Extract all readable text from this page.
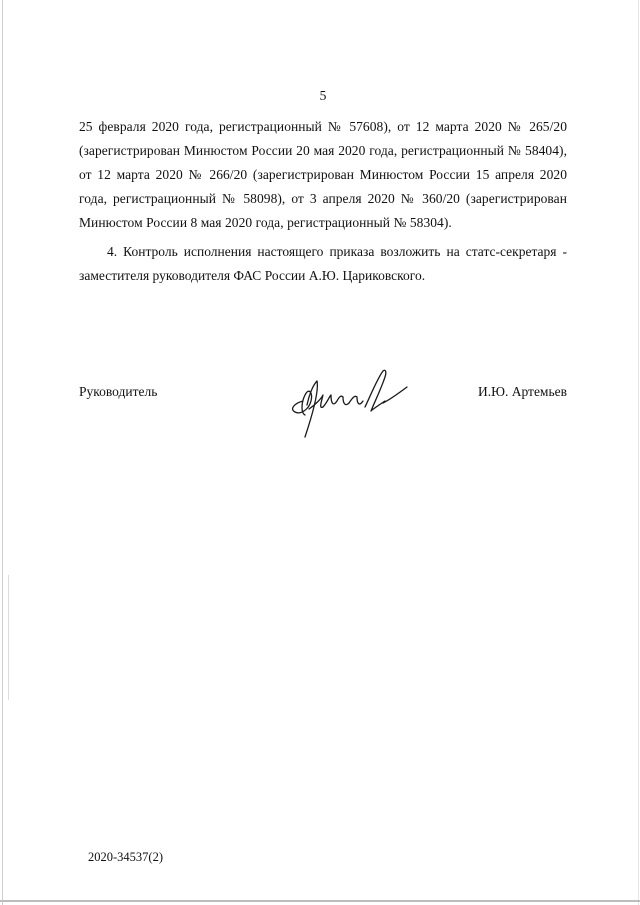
5

25 февраля 2020 года, регистрационный № 57608), от 12 марта 2020 № 265/20 (зарегистрирован Минюстом России 20 мая 2020 года, регистрационный № 58404), от 12 марта 2020 № 266/20 (зарегистрирован Минюстом России 15 апреля 2020 года, регистрационный № 58098), от 3 апреля 2020 № 360/20 (зарегистрирован Минюстом России 8 мая 2020 года, регистрационный № 58304).

4. Контроль исполнения настоящего приказа возложить на статс-секретаря - заместителя руководителя ФАС России А.Ю. Цариковского.

Руководитель	И.Ю. Артемьев
2020-34537(2)
